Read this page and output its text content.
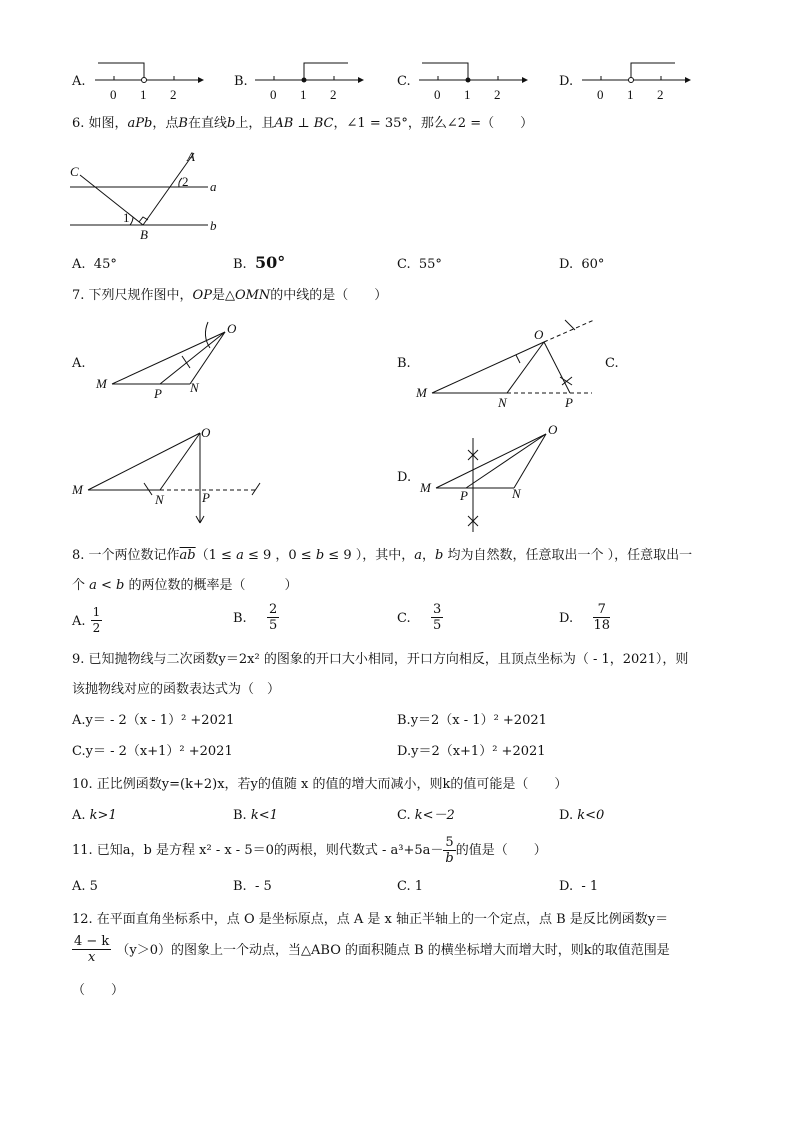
A.
0 1 2
B.
0 1 2
C.
0 1 2
D.
0 1 2
6. 如图，aPb，点B在直线b上，且AB ⊥ BC，∠1 = 35°，那么∠2 =（　　）
C
A
2 a
1
B
b
A. 45°	B. 50°	C. 55°	D. 60°
7. 下列尺规作图中，OP是△OMN的中线的是（　　）
A.
O
M	N
P
B.
O
M
N	P
C.
O
M
N	P
D.
O
M	N
P
8. 一个两位数记作$\overline{ab}(1 \le a \le 9$ ，0 ≤ b ≤ 9 ），其中，a，b 均为自然数，任意取出一个 ），任意取出一
个 a < b 的两位数的概率是（　　　）
A. $\frac{1}{2}$	B. $\frac{2}{5}$	C. $\frac{3}{5}$	D. $\frac{7}{18}$
9. 已知抛物线与二次函数y＝2x² 的图象的开口大小相同，开口方向相反，且顶点坐标为（ - 1，2021），则
该抛物线对应的函数表达式为（　）
A.y＝ - 2（x - 1）² +2021	B.y＝2（x - 1）² +2021
C.y＝ - 2（x+1）² +2021	D.y＝2（x+1）² +2021
10. 正比例函数y=(k+2)x，若y的值随 x 的值的增大而减小，则k的值可能是（　　）
A. k>1	B. k<1	C. k<－2	D. k<0
11. 已知a，b 是方程 x² - x - 5＝0的两根，则代数式 - $a^3+5a- \frac{5}{b}$ 的值是（　　）
A. 5	B.  - 5	C. 1	D.  - 1
12. 在平面直角坐标系中，点 O 是坐标原点，点 A 是 x 轴正半轴上的一个定点，点 B 是反比例函数y＝
$\frac{4 - k}{x} (y>0)$的图象上一个动点，当△ABO 的面积随点 B 的横坐标增大而增大时，则k的取值范围是
（　　）
